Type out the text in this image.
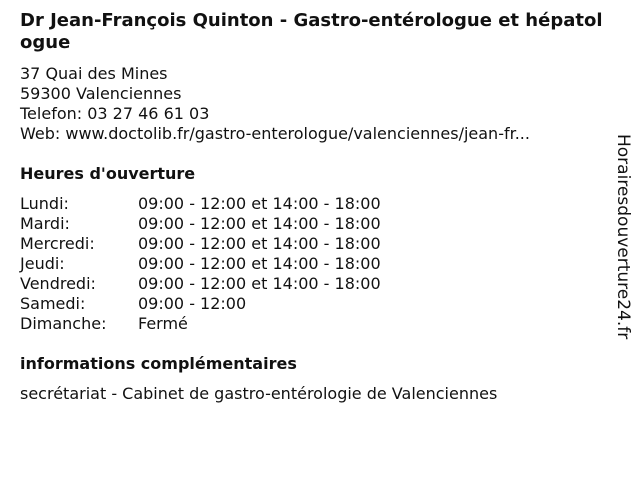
Dr Jean-François Quinton - Gastro-entérologue et hépatologue
37 Quai des Mines
59300 Valenciennes
Telefon: 03 27 46 61 03
Web: www.doctolib.fr/gastro-enterologue/valenciennes/jean-fr...
Heures d'ouverture
Lundi:	09:00 - 12:00 et 14:00 - 18:00
Mardi:	09:00 - 12:00 et 14:00 - 18:00
Mercredi:	09:00 - 12:00 et 14:00 - 18:00
Jeudi:	09:00 - 12:00 et 14:00 - 18:00
Vendredi:	09:00 - 12:00 et 14:00 - 18:00
Samedi:	09:00 - 12:00
Dimanche:	Fermé
informations complémentaires
secrétariat - Cabinet de gastro-entérologie de Valenciennes
Horairesdouverture24.fr
